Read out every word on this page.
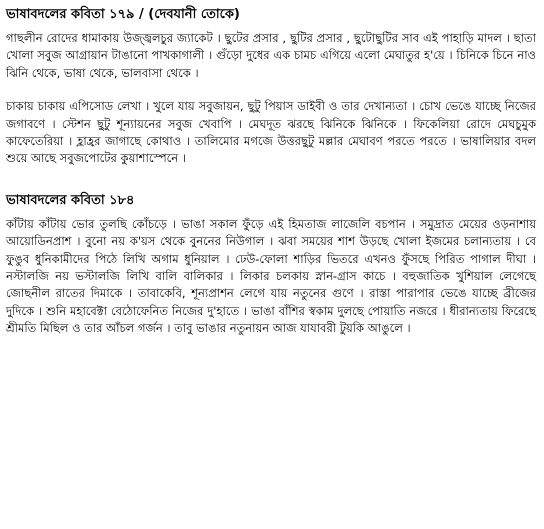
ভাষাবদলের কবিতা ১৭৯ / (দেবযানী তোকে)

গাছলীন রোদের ধামাকায় উজ্জ্বলচুর জ্যাকেট । ছুটের প্রসার , ছুটির প্রসার , ছুটোছুটির সাব এই পাহাড়ি মাদল । ছাতা খোলা সবুজ আগ্রায়ান টাঙানো পাখকাগালী । গুঁড়ো দুধের এক চামচ এগিয়ে এলো মেঘাতুর হ'য়ে । চিনিকে চিনে নাও ঝিনি থেকে, ভাষা থেকে, ভালবাসা থেকে ।

চাকায় চাকায় এপিসোড লেখা । খুলে যায় সবুজায়ন, ছুটু পিয়াস ডাইবী ও তার দেখান্যতা । চোখ ভেঙে যাচ্ছে নিজের জগাবণে । স্টেশন ছুটু শূন্যায়নের সবুজ খেবাপি । মেঘদূত ঝরছে ঝিনিকে ঝিনিকে । ফিকেলিয়া রোদে মেঘচুমুক কাফেতেরিয়া । হ্লাহ্রর জাগাছে কোথাও । তালিমোর মগজে উত্তরছুটু মল্লার মেঘাবণ পরতে পরতে । ভাষালিয়ার বদল শুয়ে আছে সবুজপোটের কুয়াশাস্পেনে ।

ভাষাবদলের কবিতা ১৮৪

কাঁটায় কাঁটায় ভোর তুলছি কোঁচড়ে । ভাঙা সকাল ফুঁড়ে এই হিমতাজ লাজেলি বচপান । সমুদ্রাত মেয়ের ওড়নাশায় আয়োডিনপ্রাশ । বুনো নয় ক'য়স থেকে বুননের নিউগাল । ঝবা সময়ের শাশ উড়ছে খোলা ইজমের চলান্যতায় । বে ফুঙুব ধুনিকামীদের পিঠে লিখি অগাম ধুনিয়াল । ঢেউ-ফোলা শাড়ির ভিতরে এখনও ফুঁসছে পিরিত পাগাল দীঘা । নস্টালজি নয় ভস্টালজি লিখি বালি বালিকার । লিকার চলকায় স্নান-গ্রাস কাচে । বহুজাতিক খুশিয়াল লেগেছে জোছনীল রাতের দিমাকে । তাবাকেবি, শূন্যপ্রাশন লেগে যায় নতুনের গুণে । রাস্তা পারাপার ভেঙে যাচ্ছে ব্রীজের দুদিকে । শুনি মহাবেক্টা বেঠোফেনিত নিজের দু'হাতে । ভাঙা বাঁশির স্বকাম দুলছে পোয়াতি নজরে । ধীরান্যতায় ফিরেছে শ্রীমতি মিছিল ও তার আঁচল গর্জন । তাবু ভাঙার নতুনায়ন আজ যাযাবরী টুয়কি আঙুলে ।
